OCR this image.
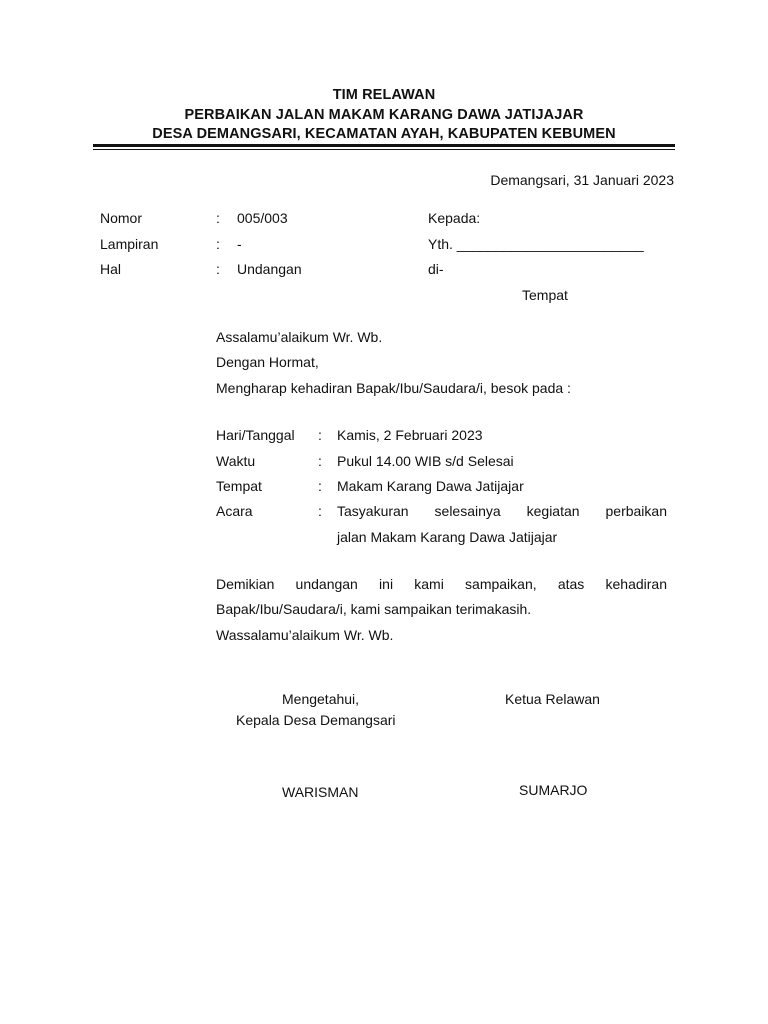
TIM RELAWAN
PERBAIKAN JALAN MAKAM KARANG DAWA JATIJAJAR
DESA DEMANGSARI, KECAMATAN AYAH, KABUPATEN KEBUMEN
Demangsari, 31 Januari 2023
Nomor	: 005/003
Lampiran	: -
Hal	: Undangan
Kepada:
Yth. ________________________
di-
Tempat
Assalamu’alaikum Wr. Wb.
Dengan Hormat,
Mengharap kehadiran Bapak/Ibu/Saudara/i, besok pada :
Hari/Tanggal : Kamis, 2 Februari 2023
Waktu	: Pukul 14.00 WIB s/d Selesai
Tempat	: Makam Karang Dawa Jatijajar
Acara	: Tasyakuran selesainya kegiatan perbaikan
jalan Makam Karang Dawa Jatijajar
Demikian undangan ini kami sampaikan, atas kehadiran
Bapak/Ibu/Saudara/i, kami sampaikan terimakasih.
Wassalamu’alaikum Wr. Wb.
Mengetahui,
Kepala Desa Demangsari
WARISMAN
Ketua Relawan
SUMARJO
